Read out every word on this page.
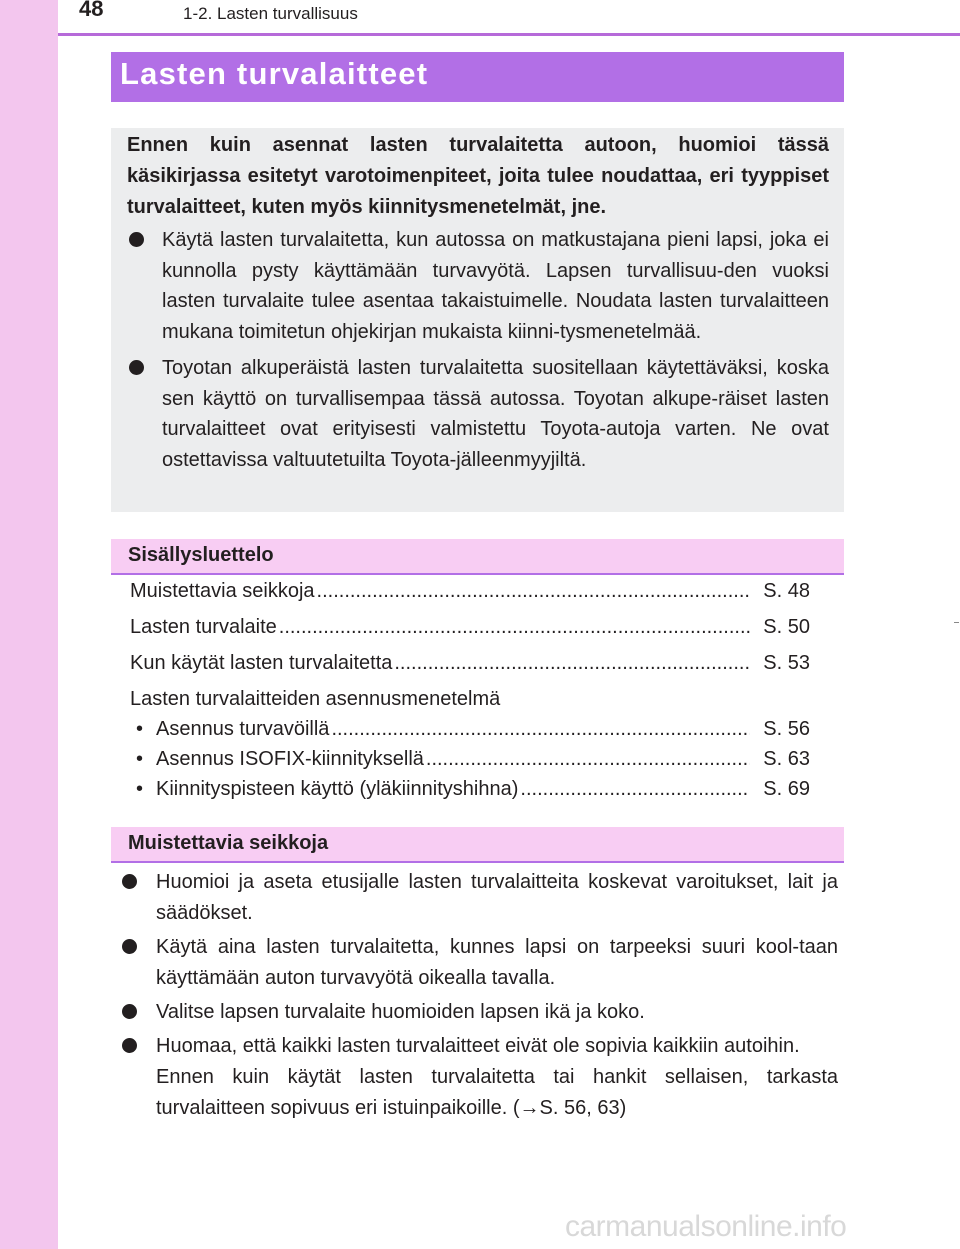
48	1-2. Lasten turvallisuus
Lasten turvalaitteet
Ennen kuin asennat lasten turvalaitetta autoon, huomioi tässä käsikirjassa esitetyt varotoimenpiteet, joita tulee noudattaa, eri tyyppiset turvalaitteet, kuten myös kiinnitysmenetelmät, jne.
Käytä lasten turvalaitetta, kun autossa on matkustajana pieni lapsi, joka ei kunnolla pysty käyttämään turvavyötä. Lapsen turvallisuu-den vuoksi lasten turvalaite tulee asentaa takaistuimelle. Noudata lasten turvalaitteen mukana toimitetun ohjekirjan mukaista kiinni-tysmenetelmää.
Toyotan alkuperäistä lasten turvalaitetta suositellaan käytettäväksi, koska sen käyttö on turvallisempaa tässä autossa. Toyotan alkupe-räiset lasten turvalaitteet ovat erityisesti valmistettu Toyota-autoja varten. Ne ovat ostettavissa valtuutetuilta Toyota-jälleenmyyjiltä.
Sisällysluettelo
Muistettavia seikkoja .....	S. 48
Lasten turvalaite .....	S. 50
Kun käytät lasten turvalaitetta .....	S. 53
Lasten turvalaitteiden asennusmenetelmä
• Asennus turvavöillä .....	S. 56
• Asennus ISOFIX-kiinnityksellä .....	S. 63
• Kiinnityspisteen käyttö (yläkiinnityshihna) .....	S. 69
Muistettavia seikkoja
Huomioi ja aseta etusijalle lasten turvalaitteita koskevat varoitukset, lait ja säädökset.
Käytä aina lasten turvalaitetta, kunnes lapsi on tarpeeksi suuri kool-taan käyttämään auton turvavyötä oikealla tavalla.
Valitse lapsen turvalaite huomioiden lapsen ikä ja koko.
Huomaa, että kaikki lasten turvalaitteet eivät ole sopivia kaikkiin autoihin.
Ennen kuin käytät lasten turvalaitetta tai hankit sellaisen, tarkasta turvalaitteen sopivuus eri istuinpaikoille. (→S. 56, 63)
carmanualsonline.info
